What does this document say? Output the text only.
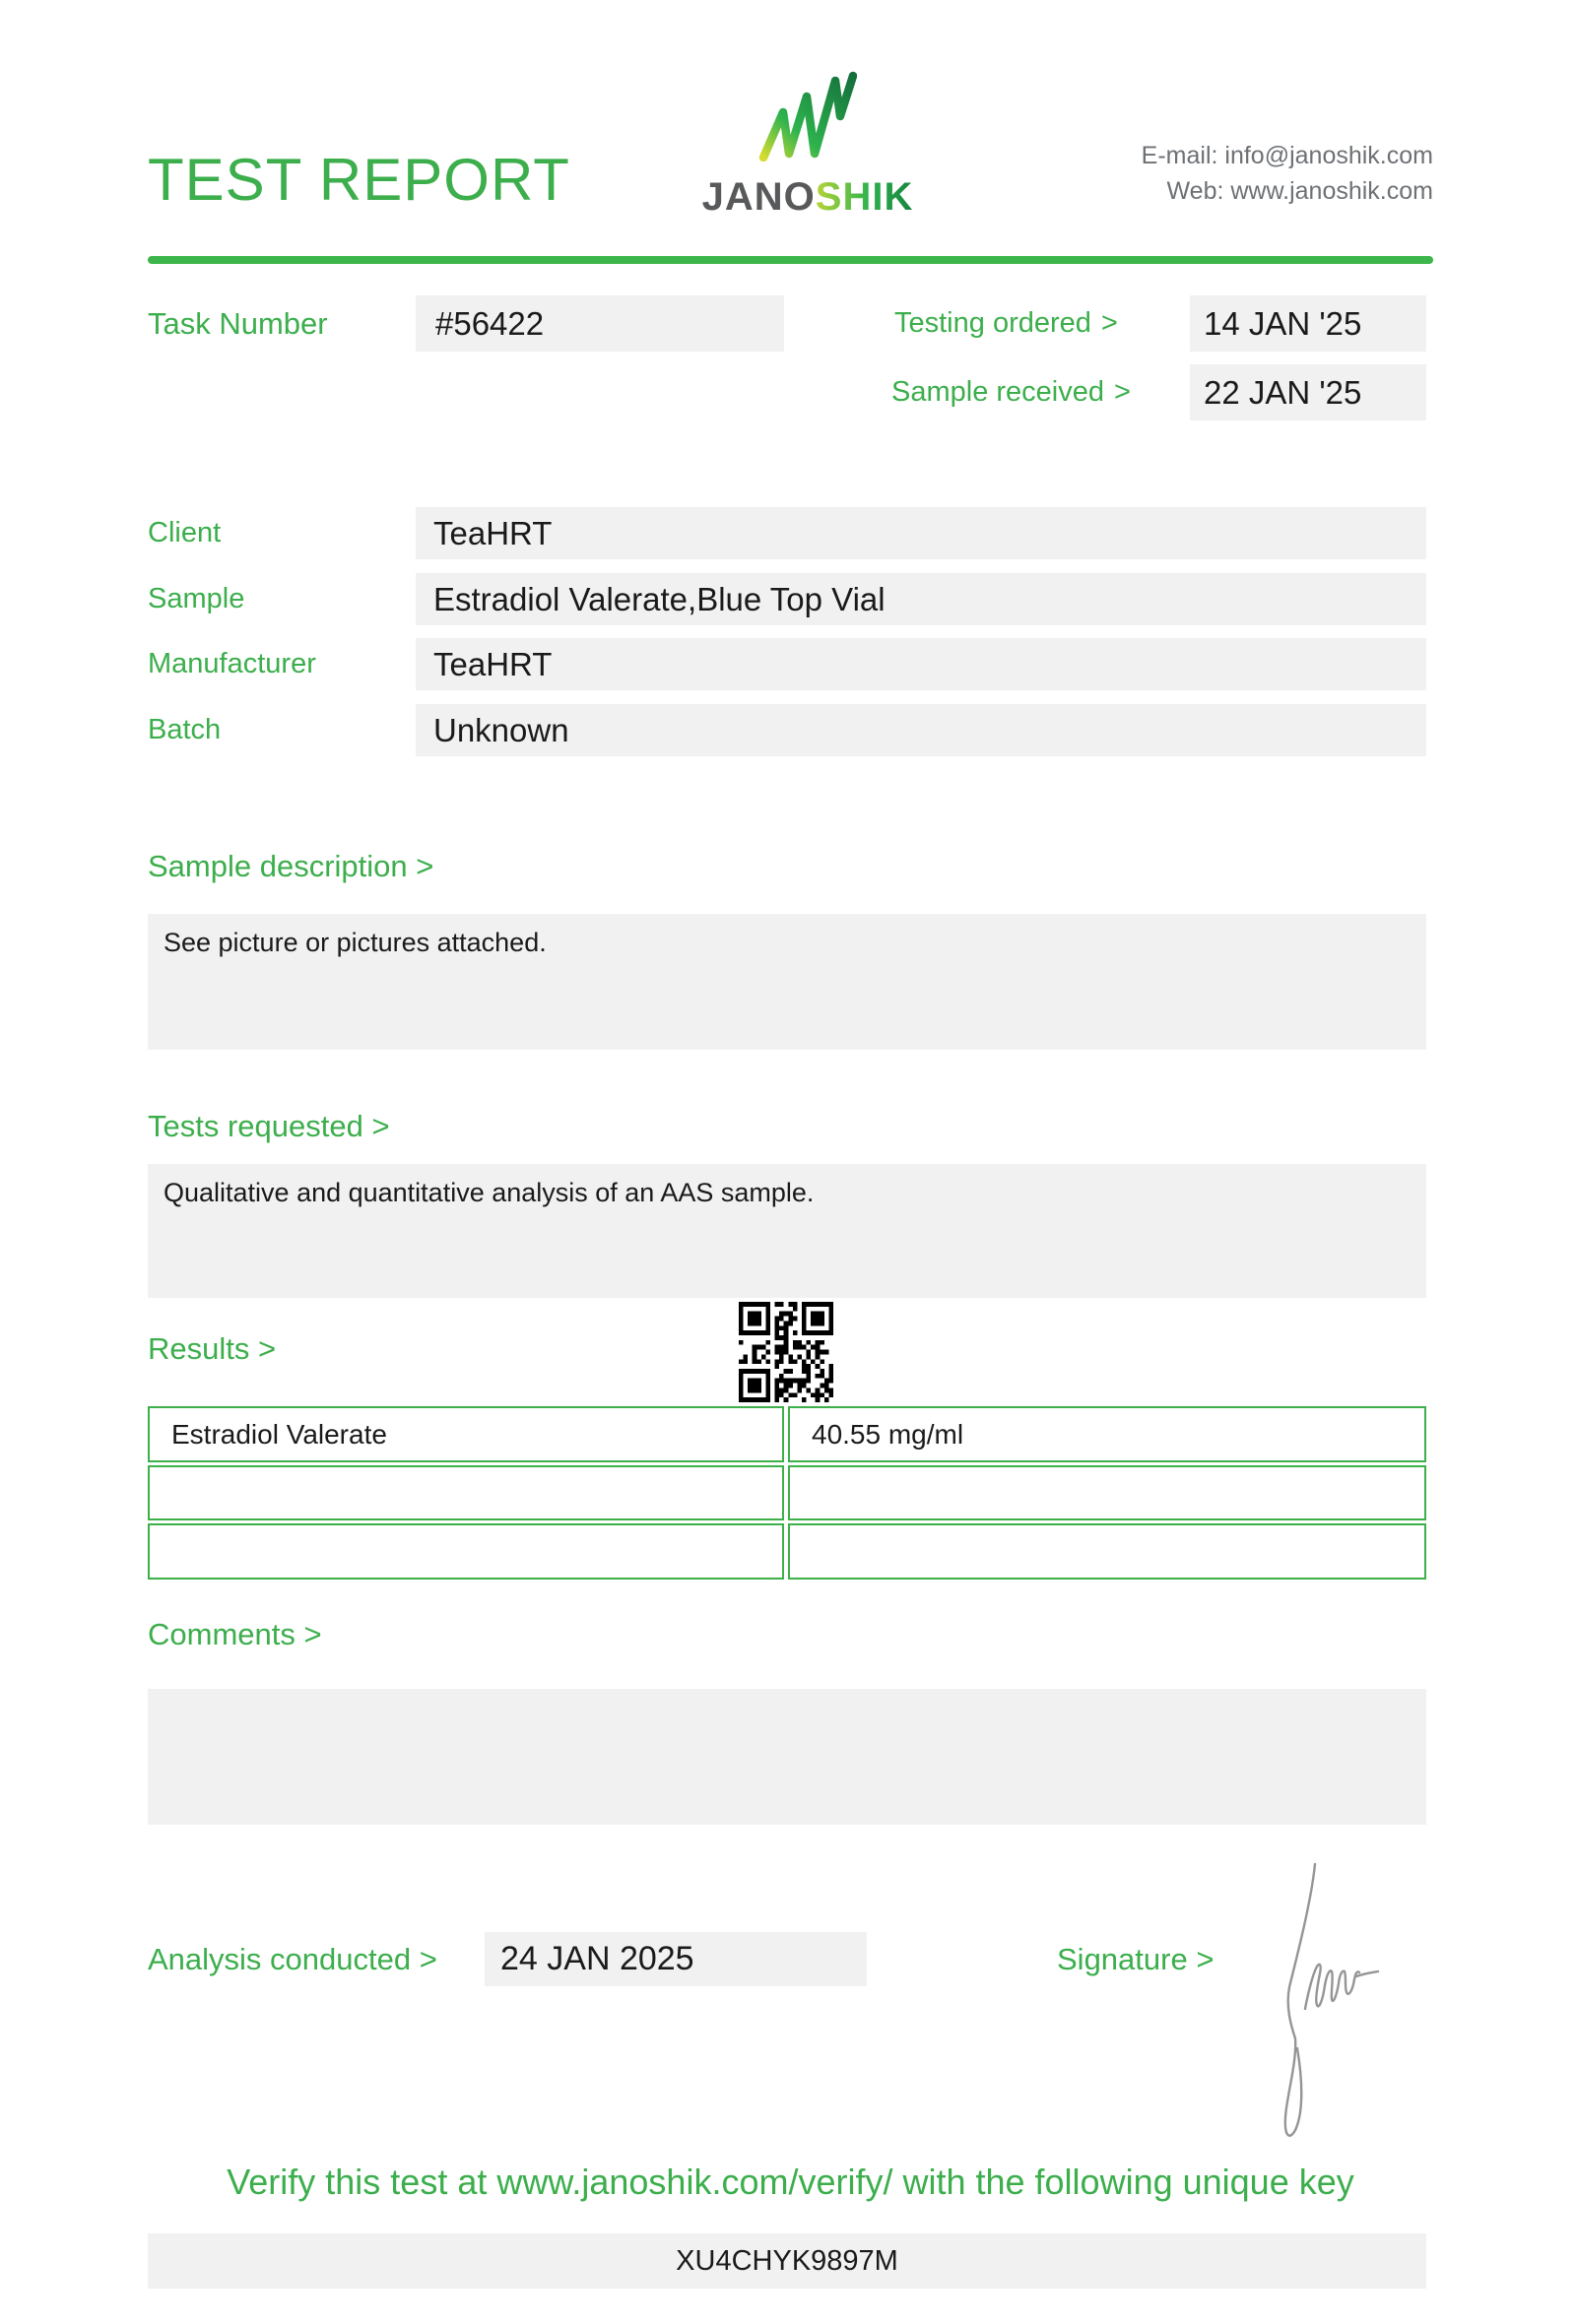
TEST REPORT	JANOSHIK
E-mail: info@janoshik.com
Web: www.janoshik.com
Task Number	#56422	Testing ordered >	14 JAN '25
Sample received >	22 JAN '25
Client	TeaHRT
Sample	Estradiol Valerate,Blue Top Vial
Manufacturer	TeaHRT
Batch	Unknown
Sample description >
See picture or pictures attached.
Tests requested >
Qualitative and quantitative analysis of an AAS sample.
Results >
Estradiol Valerate	40.55 mg/ml
Comments >
Analysis conducted >	24 JAN 2025	Signature >
Verify this test at www.janoshik.com/verify/ with the following unique key
XU4CHYK9897M
